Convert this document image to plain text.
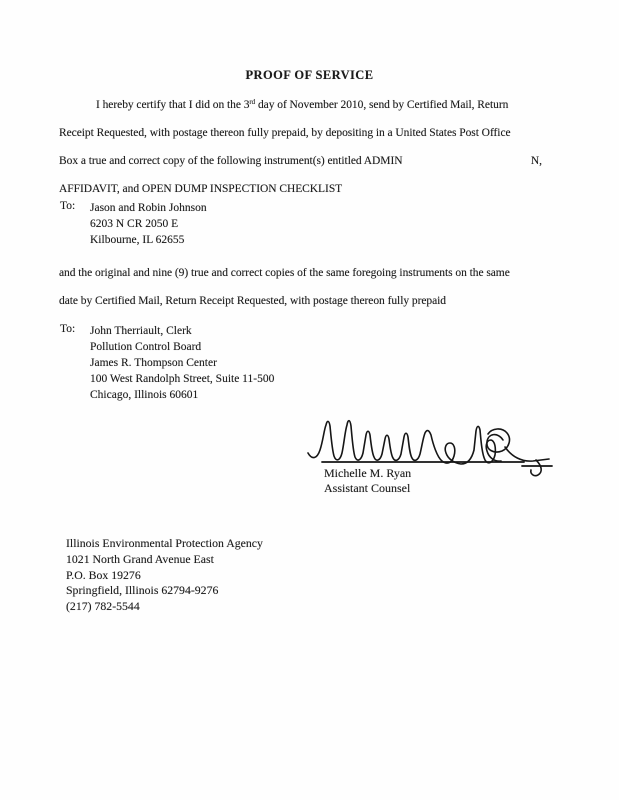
PROOF OF SERVICE
I hereby certify that I did on the 3rd day of November 2010, send by Certified Mail, Return
Receipt Requested, with postage thereon fully prepaid, by depositing in a United States Post Office
Box a true and correct copy of the following instrument(s) entitled ADMIN	N,
AFFIDAVIT, and OPEN DUMP INSPECTION CHECKLIST
To: Jason and Robin Johnson
6203 N CR 2050 E
Kilbourne, IL 62655
and the original and nine (9) true and correct copies of the same foregoing instruments on the same
date by Certified Mail, Return Receipt Requested, with postage thereon fully prepaid
To: John Therriault, Clerk
Pollution Control Board
James R. Thompson Center
100 West Randolph Street, Suite 11-500
Chicago, Illinois 60601
Michelle M. Ryan
Assistant Counsel
Illinois Environmental Protection Agency
1021 North Grand Avenue East
P.O. Box 19276
Springfield, Illinois 62794-9276
(217) 782-5544
